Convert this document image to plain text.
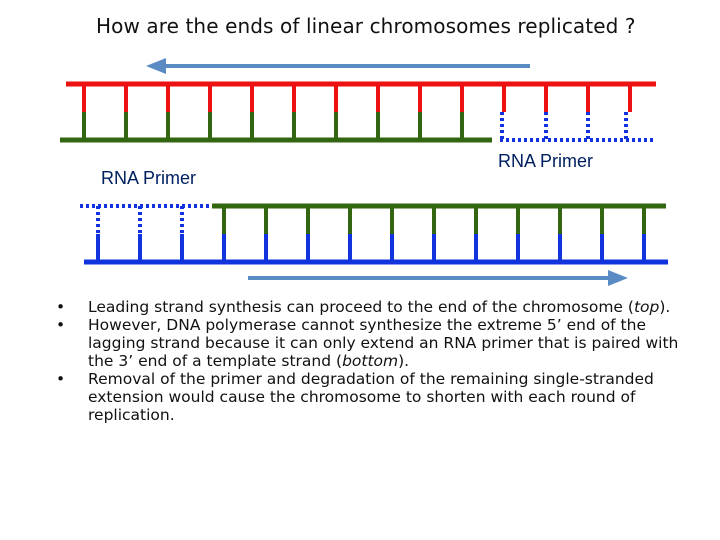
How are the ends of linear chromosomes replicated ?
RNA Primer
RNA Primer
• Leading strand synthesis can proceed to the end of the chromosome (top).
• However, DNA polymerase cannot synthesize the extreme 5’ end of the lagging strand because it can only extend an RNA primer that is paired with the 3’ end of a template strand (bottom).
• Removal of the primer and degradation of the remaining single-stranded extension would cause the chromosome to shorten with each round of replication.
